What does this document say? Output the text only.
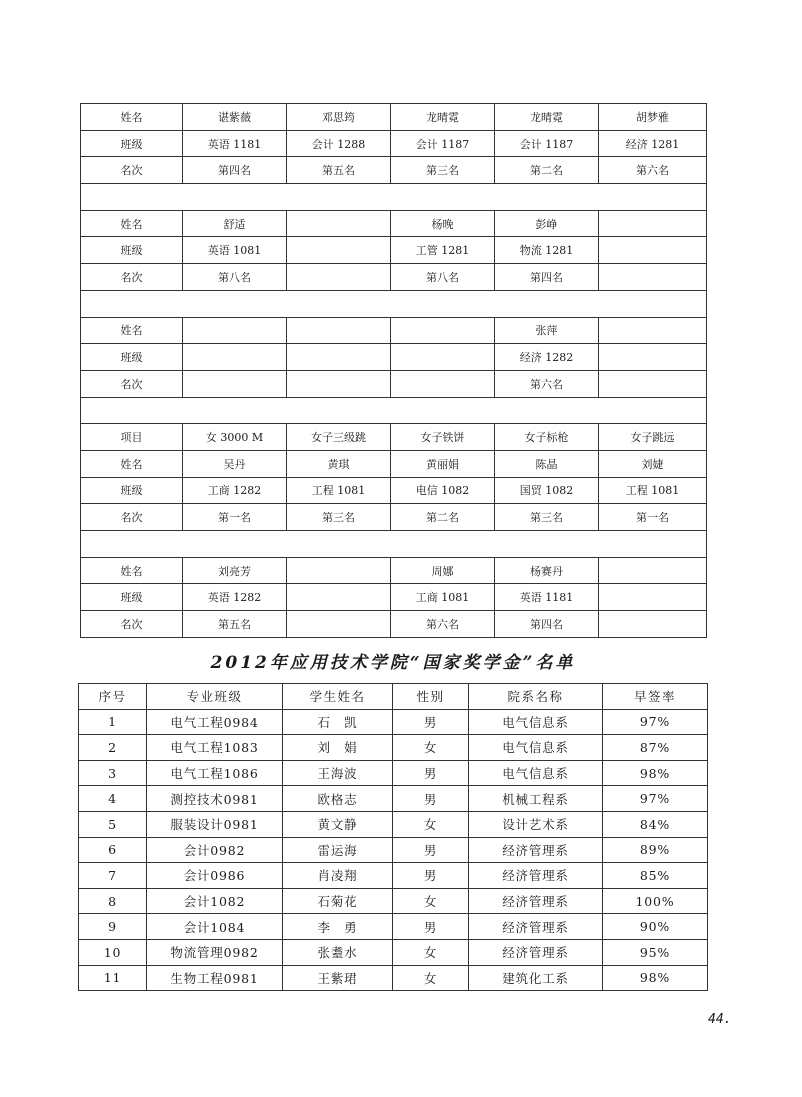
姓名	谌紫薇	邓思筠	龙晴霓	龙晴霓	胡梦雅
班级	英语 1181	会计 1288	会计 1187	会计 1187	经济 1281
名次	第四名	第五名	第三名	第二名	第六名

姓名	舒适		杨晚	彭峥	
班级	英语 1081		工管 1281	物流 1281	
名次	第八名		第八名	第四名	

姓名				张萍	
班级				经济 1282	
名次				第六名	

项目	女 3000 M	女子三级跳	女子铁饼	女子标枪	女子跳远
姓名	吴丹	黄琪	黄丽娟	陈晶	刘婕
班级	工商 1282	工程 1081	电信 1082	国贸 1082	工程 1081
名次	第一名	第三名	第二名	第三名	第一名

姓名	刘亮芳		周娜	杨赛丹	
班级	英语 1282		工商 1081	英语 1181	
名次	第五名		第六名	第四名	
2012年应用技术学院“国家奖学金”名单
序号	专业班级	学生姓名	性别	院系名称	早签率
1	电气工程0984	石　凯	男	电气信息系	97%
2	电气工程1083	刘　娟	女	电气信息系	87%
3	电气工程1086	王海波	男	电气信息系	98%
4	测控技术0981	欧格志	男	机械工程系	97%
5	服装设计0981	黄文静	女	设计艺术系	84%
6	会计0982	雷运海	男	经济管理系	89%
7	会计0986	肖凌翔	男	经济管理系	85%
8	会计1082	石菊花	女	经济管理系	100%
9	会计1084	李　勇	男	经济管理系	90%
10	物流管理0982	张耋水	女	经济管理系	95%
11	生物工程0981	王紫珺	女	建筑化工系	98%
44.
